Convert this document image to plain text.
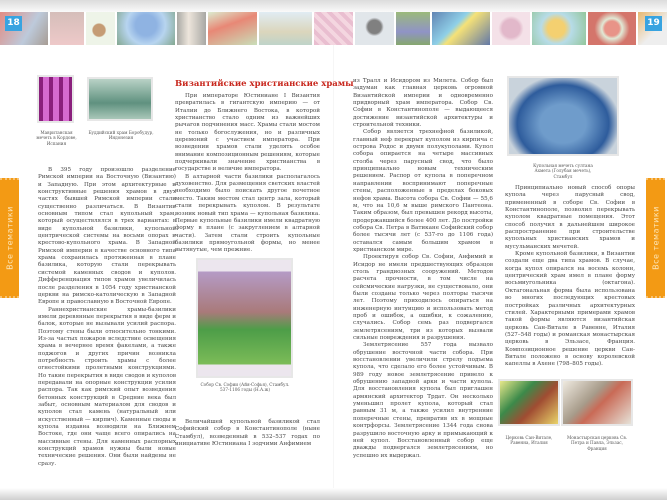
18	19
Все тематики	Все тематики
Мавританская мечеть в Кордове, Испания
Буддийский храм Боробудур, Индонезия

В 395 году произошло разделение Римской империи на Восточную (Византию) и Западную. При этом архитектурные и конструктивные решения храмов в двух частях бывшей Римской империи стали существенно различаться. В Византии основным типом стал купольный храм, который осуществлялся в трех вариантах: в виде купольной базилики, купольной центрической системы на восьми опорах и крестово-купольного храма. В Западной Римской империи в качестве основного типа храма сохранилась протяженная в плане базилика, которую стали перекрывать системой каменных сводов и куполов. Дифференциация типов храмов увеличилась после разделения в 1054 году христианской церкви на римско-католическую в Западной Европе и православную в Восточной Европе.

Раннехристианские храмы-базилики имели деревянные перекрытия в виде ферм и балок, которые не вызывали усилий распора. Поэтому стены были относительно тонкими. Из-за частых пожаров вследствие освещения храма в вечернее время факелами, а также поджогов и других причин возникла потребность строить храмы с более огнестойкими пролетными конструкциями. Но такие перекрытия в виде сводов и куполов передавали на опорные конструкции усилия распора. Так как римский опыт возведения бетонных конструкций в Средние века был забыт, основным материалом для сводов и куполов стал камень (натуральный или искусственный — кирпич). Каменные своды и купола издавна возводили на Ближнем Востоке, где они чаще всего опирались на массивные стены. Для каменных распорных конструкций храмов нужны были новые технические решения. Они были найдены не сразу.

Византийские христианские храмы

При императоре Юстиниане I Византия превратилась в гигантскую империю — от Италии до Ближнего Востока, в которой христианство стало одним из важнейших рычагов подчинения масс. Храмы стали мостом не только богослужения, но и различных церемоний с участием императора. При возведении храмов стали уделять особое внимание композиционным решениям, которые подчеркивали значение христианства в государстве и величие императора.

В алтарной части базилики располагалось духовенство. Для размещения светских властей необходимо было поискать другое почетное место. Таким местом стал центр зала, который стали перекрывать куполом. В результате возник новый тип храма — купольная базилика. Первые купольные базилики имели квадратную форму в плане (с закруглением в алтарной части). Затем стали строить купольные базилики прямоугольной формы, но менее вытянутые, чем прежние.

Собор Св. Софии (Айя-Софья), Стамбул. 537-1106 годы (Н.А.ж)

Величайшей купольной базиликой стал Софийский собор в Константинополе (ныне Стамбул), возведенный в 532–537 годах по инициативе Юстиниана I зодчими Анфимием

из Тралл и Исидором из Милета. Собор был задуман как главная церковь огромной Византийской империи и одновременно придворный храм императора. Собор Св. Софии в Константинополе — выдающееся достижение византийской архитектуры и строительной техники.

Собор является трехнефной базиликой, главный неф перекрыт куполом из кирпича с острова Родос и двумя полукуполами. Купол собора опирается на четыре массивных столба через парусный свод, что было принципиально новым техническим решением. Распор от купола в поперечном направлении воспринимают поперечные стены, расположенные в пределах боковых нефов храма. Высота собора Св. Софии — 55,6 м, что на 10,6 м выше римского Пантеона. Таким образом, был превышен рекорд высоты, продержавшийся более 400 лет. До постройки собора Св. Петра в Ватикане Софийский собор более тысячи лет (с 537-го до 1106 года) оставался самым большим храмом в христианском мире.

Проектируя собор Св. Софии, Анфимий и Исидор не имели предшествующих образцов столь грандиозных сооружений. Методов расчета прочности, в том числе на сейсмические нагрузки, не существовало, они были созданы только через полторы тысячи лет. Поэтому приходилось опираться на инженерную интуицию и использовать метод проб и ошибок, а ошибки, к сожалению, случались. Собор семь раз подвергался землетрясениям, три из которых вызвали сильные повреждения и разрушения.

Землетрясение 557 года вызвало обрушение восточной части собора. При восстановлении увеличили стрелу подъема купола, что сделало его более устойчивым. В 989 году новое землетрясение привело к обрушению западной арки и части купола. Для восстановления купола был приглашен армянский архитектор Трдат. Он несколько уменьшил пролет купола, который стал равным 31 м, а также усилил внутренние поперечные стены, превратив их в мощные контрфорсы. Землетрясение 1344 года снова разрушило восточную арку и примыкающий к ней купол. Восстановленный собор еще дважды подвергался землетрясениям, но успешно их выдержал.

Купольная мечеть султана Ахмета (Голубая мечеть), Стамбул

Принципиально новый способ опоры купола через парусный свод, примененный в соборе Св. Софии в Константинополе, позволил перекрывать куполом квадратные помещения. Этот способ получил в дальнейшем широкое распространение при строительстве купольных христианских храмов и мусульманских мечетей.

Кроме купольной базилики, в Византии создали еще два типа храмов. В случае, когда купол опирался на восемь колонн, центрический храм имел в плане форму восьмиугольника (октагона). Октагональная форма была использована во многих последующих крестовых постройках различных архитектурных стилей. Характерными примерами храмов такой формы являются византийская церковь Сан-Витале в Равенне, Италия (527–548 годы) и романская монастырская церковь в Эльзасе, Франция. Композиционное решение церкви Сан-Витале положено в основу королевской капеллы в Ахене (798–805 годы).

Церковь Сан-Витале, Равенна, Италия
Монастырская церковь Св. Петра и Павла, Эльзас, Франция
